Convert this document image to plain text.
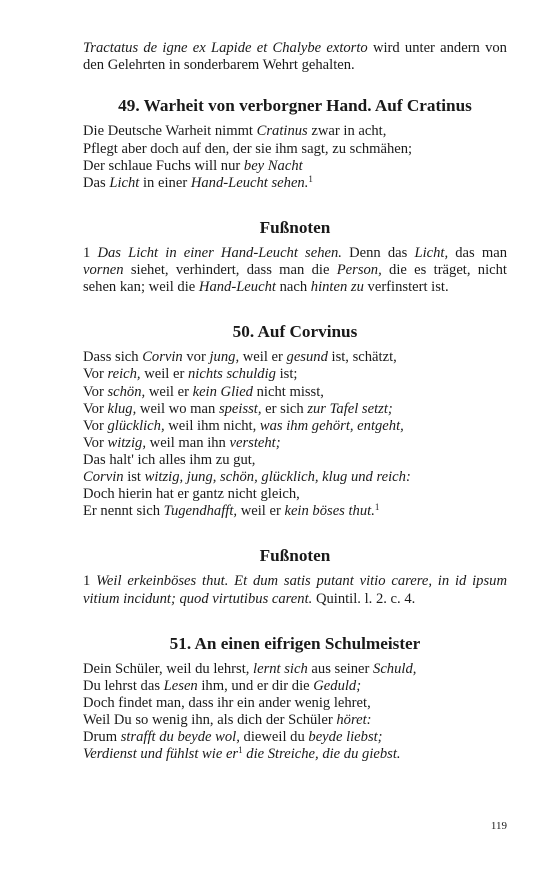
Tractatus de igne ex Lapide et Chalybe extorto wird unter andern von den Gelehrten in sonderbarem Wehrt gehalten.

49. Warheit von verborgner Hand. Auf Cratinus
Die Deutsche Warheit nimmt Cratinus zwar in acht,
Pflegt aber doch auf den, der sie ihm sagt, zu schmähen;
Der schlaue Fuchs will nur bey Nacht
Das Licht in einer Hand-Leucht sehen.$^1$
Fußnoten

1 Das Licht in einer Hand-Leucht sehen. Denn das Licht, das man vornen siehet, verhindert, dass man die Person, die es träget, nicht sehen kan; weil die Hand-Leucht nach hinten zu verfinstert ist.

50. Auf Corvinus
Dass sich Corvin vor jung, weil er gesund ist, schätzt,
Vor reich, weil er nichts schuldig ist;
Vor schön, weil er kein Glied nicht misst,
Vor klug, weil wo man speisst, er sich zur Tafel setzt;
Vor glücklich, weil ihm nicht, was ihm gehört, entgeht,
Vor witzig, weil man ihn versteht;
Das halt' ich alles ihm zu gut,
Corvin ist witzig, jung, schön, glücklich, klug und reich:
Doch hierin hat er gantz nicht gleich,
Er nennt sich Tugendhafft, weil er kein böses thut.$^1$
Fußnoten

1 Weil erkeinböses thut. Et dum satis putant vitio carere, in id ipsum vitium incidunt; quod virtutibus carent. Quintil. l. 2. c. 4.

51. An einen eifrigen Schulmeister
Dein Schüler, weil du lehrst, lernt sich aus seiner Schuld,
Du lehrst das Lesen ihm, und er dir die Geduld;
Doch findet man, dass ihr ein ander wenig lehret,
Weil Du so wenig ihn, als dich der Schüler höret:
Drum strafft du beyde wol, dieweil du beyde liebst;
Verdienst und fühlst wie $er^1$ die Streiche, die du giebst.
119
